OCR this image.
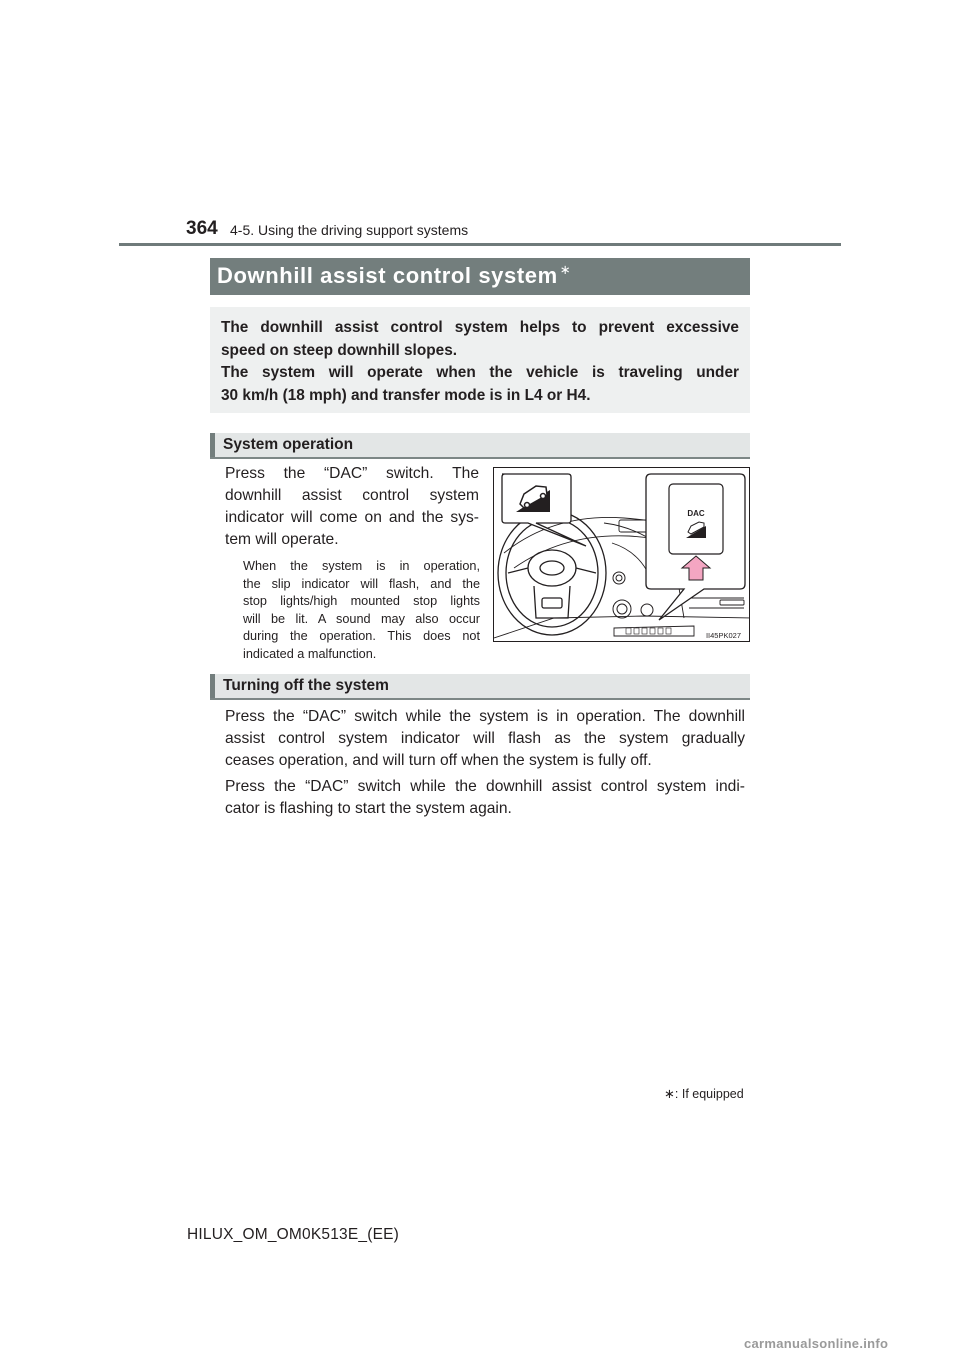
364 4-5. Using the driving support systems
Downhill assist control system ∗
The downhill assist control system helps to prevent excessive
speed on steep downhill slopes.
The system will operate when the vehicle is traveling under
30 km/h (18 mph) and transfer mode is in L4 or H4.
System operation
Press the “DAC” switch. The
downhill assist control system
indicator will come on and the sys-
tem will operate.
When the system is in operation,
the slip indicator will flash, and the
stop lights/high mounted stop lights
will be lit. A sound may also occur
during the operation. This does not
indicated a malfunction.
DAC
II45PK027
Turning off the system
Press the “DAC” switch while the system is in operation. The downhill
assist control system indicator will flash as the system gradually
ceases operation, and will turn off when the system is fully off.
Press the “DAC” switch while the downhill assist control system indi-
cator is flashing to start the system again.
∗: If equipped
HILUX_OM_OM0K513E_(EE)
carmanualsonline.info
